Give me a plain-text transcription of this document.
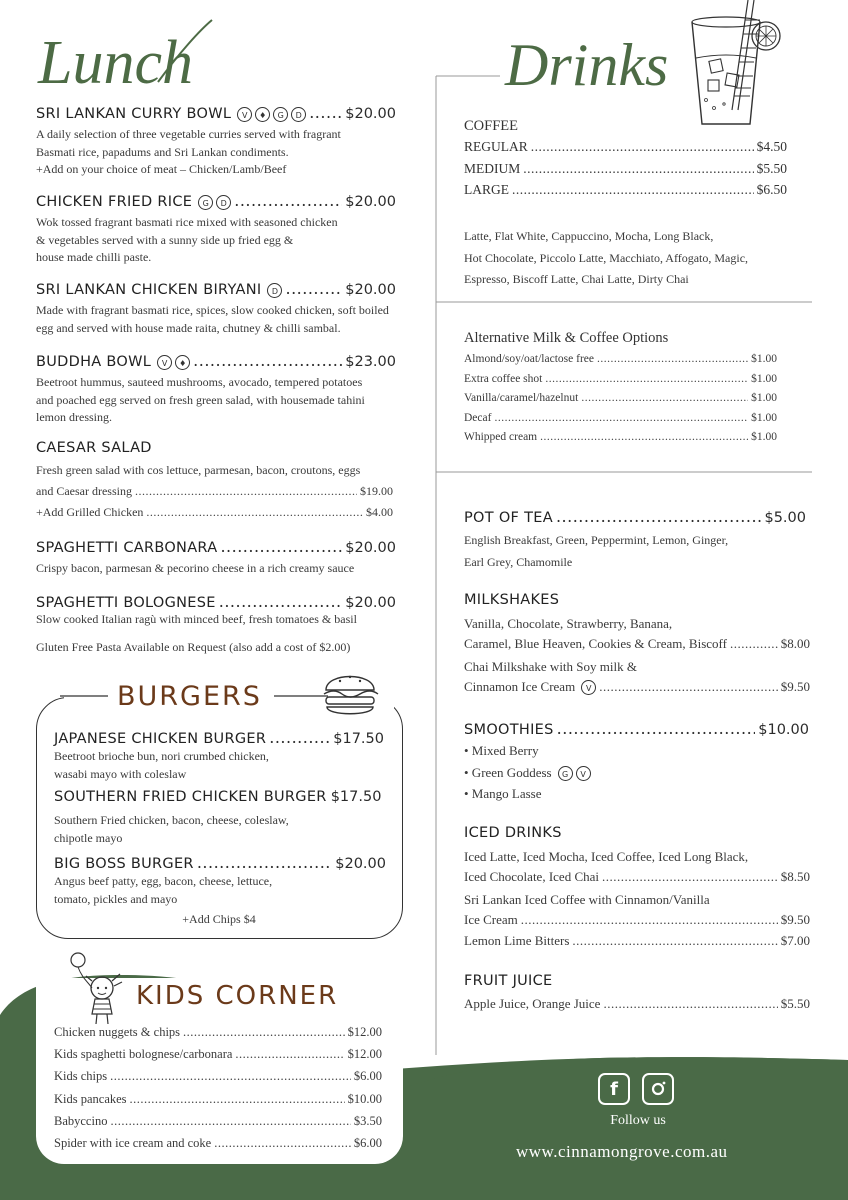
Lunch
SRI LANKAN CURRY BOWL	V	♦	G	D .....	$20.00
A daily selection of three vegetable curries served with fragrant
Basmati rice, papadums and Sri Lankan condiments.
+Add on your choice of meat – Chicken/Lamb/Beef
CHICKEN FRIED RICE	G	D .....	$20.00
Wok tossed fragrant basmati rice mixed with seasoned chicken
& vegetables served with a sunny side up fried egg &
house made chilli paste.
SRI LANKAN CHICKEN BIRYANI	D .....	$20.00
Made with fragrant basmati rice, spices, slow cooked chicken, soft boiled
egg and served with house made raita, chutney & chilli sambal.
BUDDHA BOWL	V	♦ .....	$23.00
Beetroot hummus, sauteed mushrooms, avocado, tempered potatoes
and poached egg served on fresh green salad, with housemade tahini
lemon dressing.
CAESAR SALAD
Fresh green salad with cos lettuce, parmesan, bacon, croutons, eggs
and Caesar dressing .....	$19.00
+Add Grilled Chicken .....	$4.00
SPAGHETTI CARBONARA .....	$20.00
Crispy bacon, parmesan & pecorino cheese in a rich creamy sauce
SPAGHETTI BOLOGNESE .....	$20.00
Slow cooked Italian ragù with minced beef, fresh tomatoes & basil
Gluten Free Pasta Available on Request (also add a cost of $2.00)
BURGERS
JAPANESE CHICKEN BURGER .....	$17.50
Beetroot brioche bun, nori crumbed chicken,
wasabi mayo with coleslaw
SOUTHERN FRIED CHICKEN BURGER $17.50
Southern Fried chicken, bacon, cheese, coleslaw,
chipotle mayo
BIG BOSS BURGER .....	$20.00
Angus beef patty, egg, bacon, cheese, lettuce,
tomato, pickles and mayo
+Add Chips $4
KIDS CORNER
Chicken nuggets & chips .....	$12.00
Kids spaghetti bolognese/carbonara .....	$12.00
Kids chips .....	$6.00
Kids pancakes .....	$10.00
Babyccino .....	$3.50
Spider with ice cream and coke .....	$6.00
Drinks
COFFEE
REGULAR .....	$4.50
MEDIUM .....	$5.50
LARGE .....	$6.50
Latte, Flat White, Cappuccino, Mocha, Long Black,
Hot Chocolate, Piccolo Latte, Macchiato, Affogato, Magic,
Espresso, Biscoff Latte, Chai Latte, Dirty Chai
Alternative Milk & Coffee Options
Almond/soy/oat/lactose free .....	$1.00
Extra coffee shot .....	$1.00
Vanilla/caramel/hazelnut .....	$1.00
Decaf .....	$1.00
Whipped cream .....	$1.00
POT OF TEA .....	$5.00
English Breakfast, Green, Peppermint, Lemon, Ginger,
Earl Grey, Chamomile
MILKSHAKES
Vanilla, Chocolate, Strawberry, Banana,
Caramel, Blue Heaven, Cookies & Cream, Biscoff .....	$8.00
Chai Milkshake with Soy milk &
Cinnamon Ice Cream	V .....	$9.50
SMOOTHIES .....	$10.00
• Mixed Berry
• Green Goddess	G	V
• Mango Lasse
ICED DRINKS
Iced Latte, Iced Mocha, Iced Coffee, Iced Long Black,
Iced Chocolate, Iced Chai .....	$8.50
Sri Lankan Iced Coffee with Cinnamon/Vanilla
Ice Cream .....	$9.50
Lemon Lime Bitters .....	$7.00
FRUIT JUICE
Apple Juice, Orange Juice .....	$5.50
f
Follow us
www.cinnamongrove.com.au
